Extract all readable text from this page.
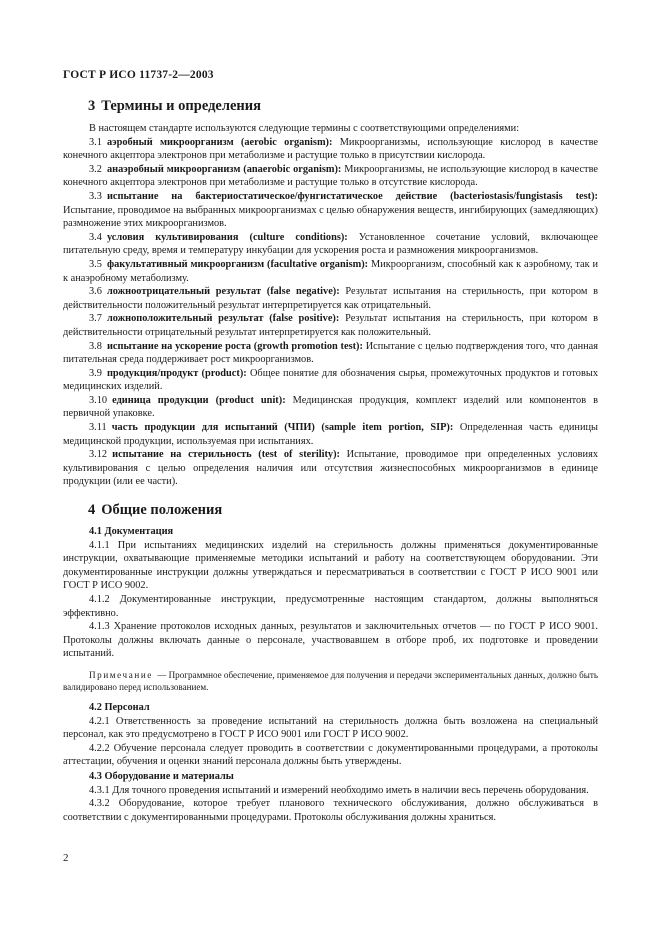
ГОСТ Р ИСО 11737-2—2003
3 Термины и определения

В настоящем стандарте используются следующие термины с соответствующими определениями:

3.1 аэробный микроорганизм (aerobic organism): Микроорганизмы, использующие кислород в качестве конечного акцептора электронов при метаболизме и растущие только в присутствии кислорода.

3.2 анаэробный микроорганизм (anaerobic organism): Микроорганизмы, не использующие кислород в качестве конечного акцептора электронов при метаболизме и растущие только в отсутствие кислорода.

3.3 испытание на бактериостатическое/фунгистатическое действие (bacteriostasis/fungistasis test): Испытание, проводимое на выбранных микроорганизмах с целью обнаружения веществ, ингибирующих (замедляющих) размножение этих микроорганизмов.

3.4 условия культивирования (culture conditions): Установленное сочетание условий, включающее питательную среду, время и температуру инкубации для ускорения роста и размножения микроорганизмов.

3.5 факультативный микроорганизм (facultative organism): Микроорганизм, способный как к аэробному, так и к анаэробному метаболизму.

3.6 ложноотрицательный результат (false negative): Результат испытания на стерильность, при котором в действительности положительный результат интерпретируется как отрицательный.

3.7 ложноположительный результат (false positive): Результат испытания на стерильность, при котором в действительности отрицательный результат интерпретируется как положительный.

3.8 испытание на ускорение роста (growth promotion test): Испытание с целью подтверждения того, что данная питательная среда поддерживает рост микроорганизмов.

3.9 продукция/продукт (product): Общее понятие для обозначения сырья, промежуточных продуктов и готовых медицинских изделий.

3.10 единица продукции (product unit): Медицинская продукция, комплект изделий или компонентов в первичной упаковке.

3.11 часть продукции для испытаний (ЧПИ) (sample item portion, SIP): Определенная часть единицы медицинской продукции, используемая при испытаниях.

3.12 испытание на стерильность (test of sterility): Испытание, проводимое при определенных условиях культивирования с целью определения наличия или отсутствия жизнеспособных микроорганизмов в единице продукции (или ее части).

4 Общие положения
4.1 Документация

4.1.1 При испытаниях медицинских изделий на стерильность должны применяться документированные инструкции, охватывающие применяемые методики испытаний и работу на соответствующем оборудовании. Эти документированные инструкции должны утверждаться и пересматриваться в соответствии с ГОСТ Р ИСО 9001 или ГОСТ Р ИСО 9002.

4.1.2 Документированные инструкции, предусмотренные настоящим стандартом, должны выполняться эффективно.

4.1.3 Хранение протоколов исходных данных, результатов и заключительных отчетов — по ГОСТ Р ИСО 9001. Протоколы должны включать данные о персонале, участвовавшем в отборе проб, их подготовке и проведении испытаний.

Примечание — Программное обеспечение, применяемое для получения и передачи экспериментальных данных, должно быть валидировано перед использованием.

4.2 Персонал

4.2.1 Ответственность за проведение испытаний на стерильность должна быть возложена на специальный персонал, как это предусмотрено в ГОСТ Р ИСО 9001 или ГОСТ Р ИСО 9002.

4.2.2 Обучение персонала следует проводить в соответствии с документированными процедурами, а протоколы аттестации, обучения и оценки знаний персонала должны быть утверждены.

4.3 Оборудование и материалы

4.3.1 Для точного проведения испытаний и измерений необходимо иметь в наличии весь перечень оборудования.

4.3.2 Оборудование, которое требует планового технического обслуживания, должно обслуживаться в соответствии с документированными процедурами. Протоколы обслуживания должны храниться.

2
